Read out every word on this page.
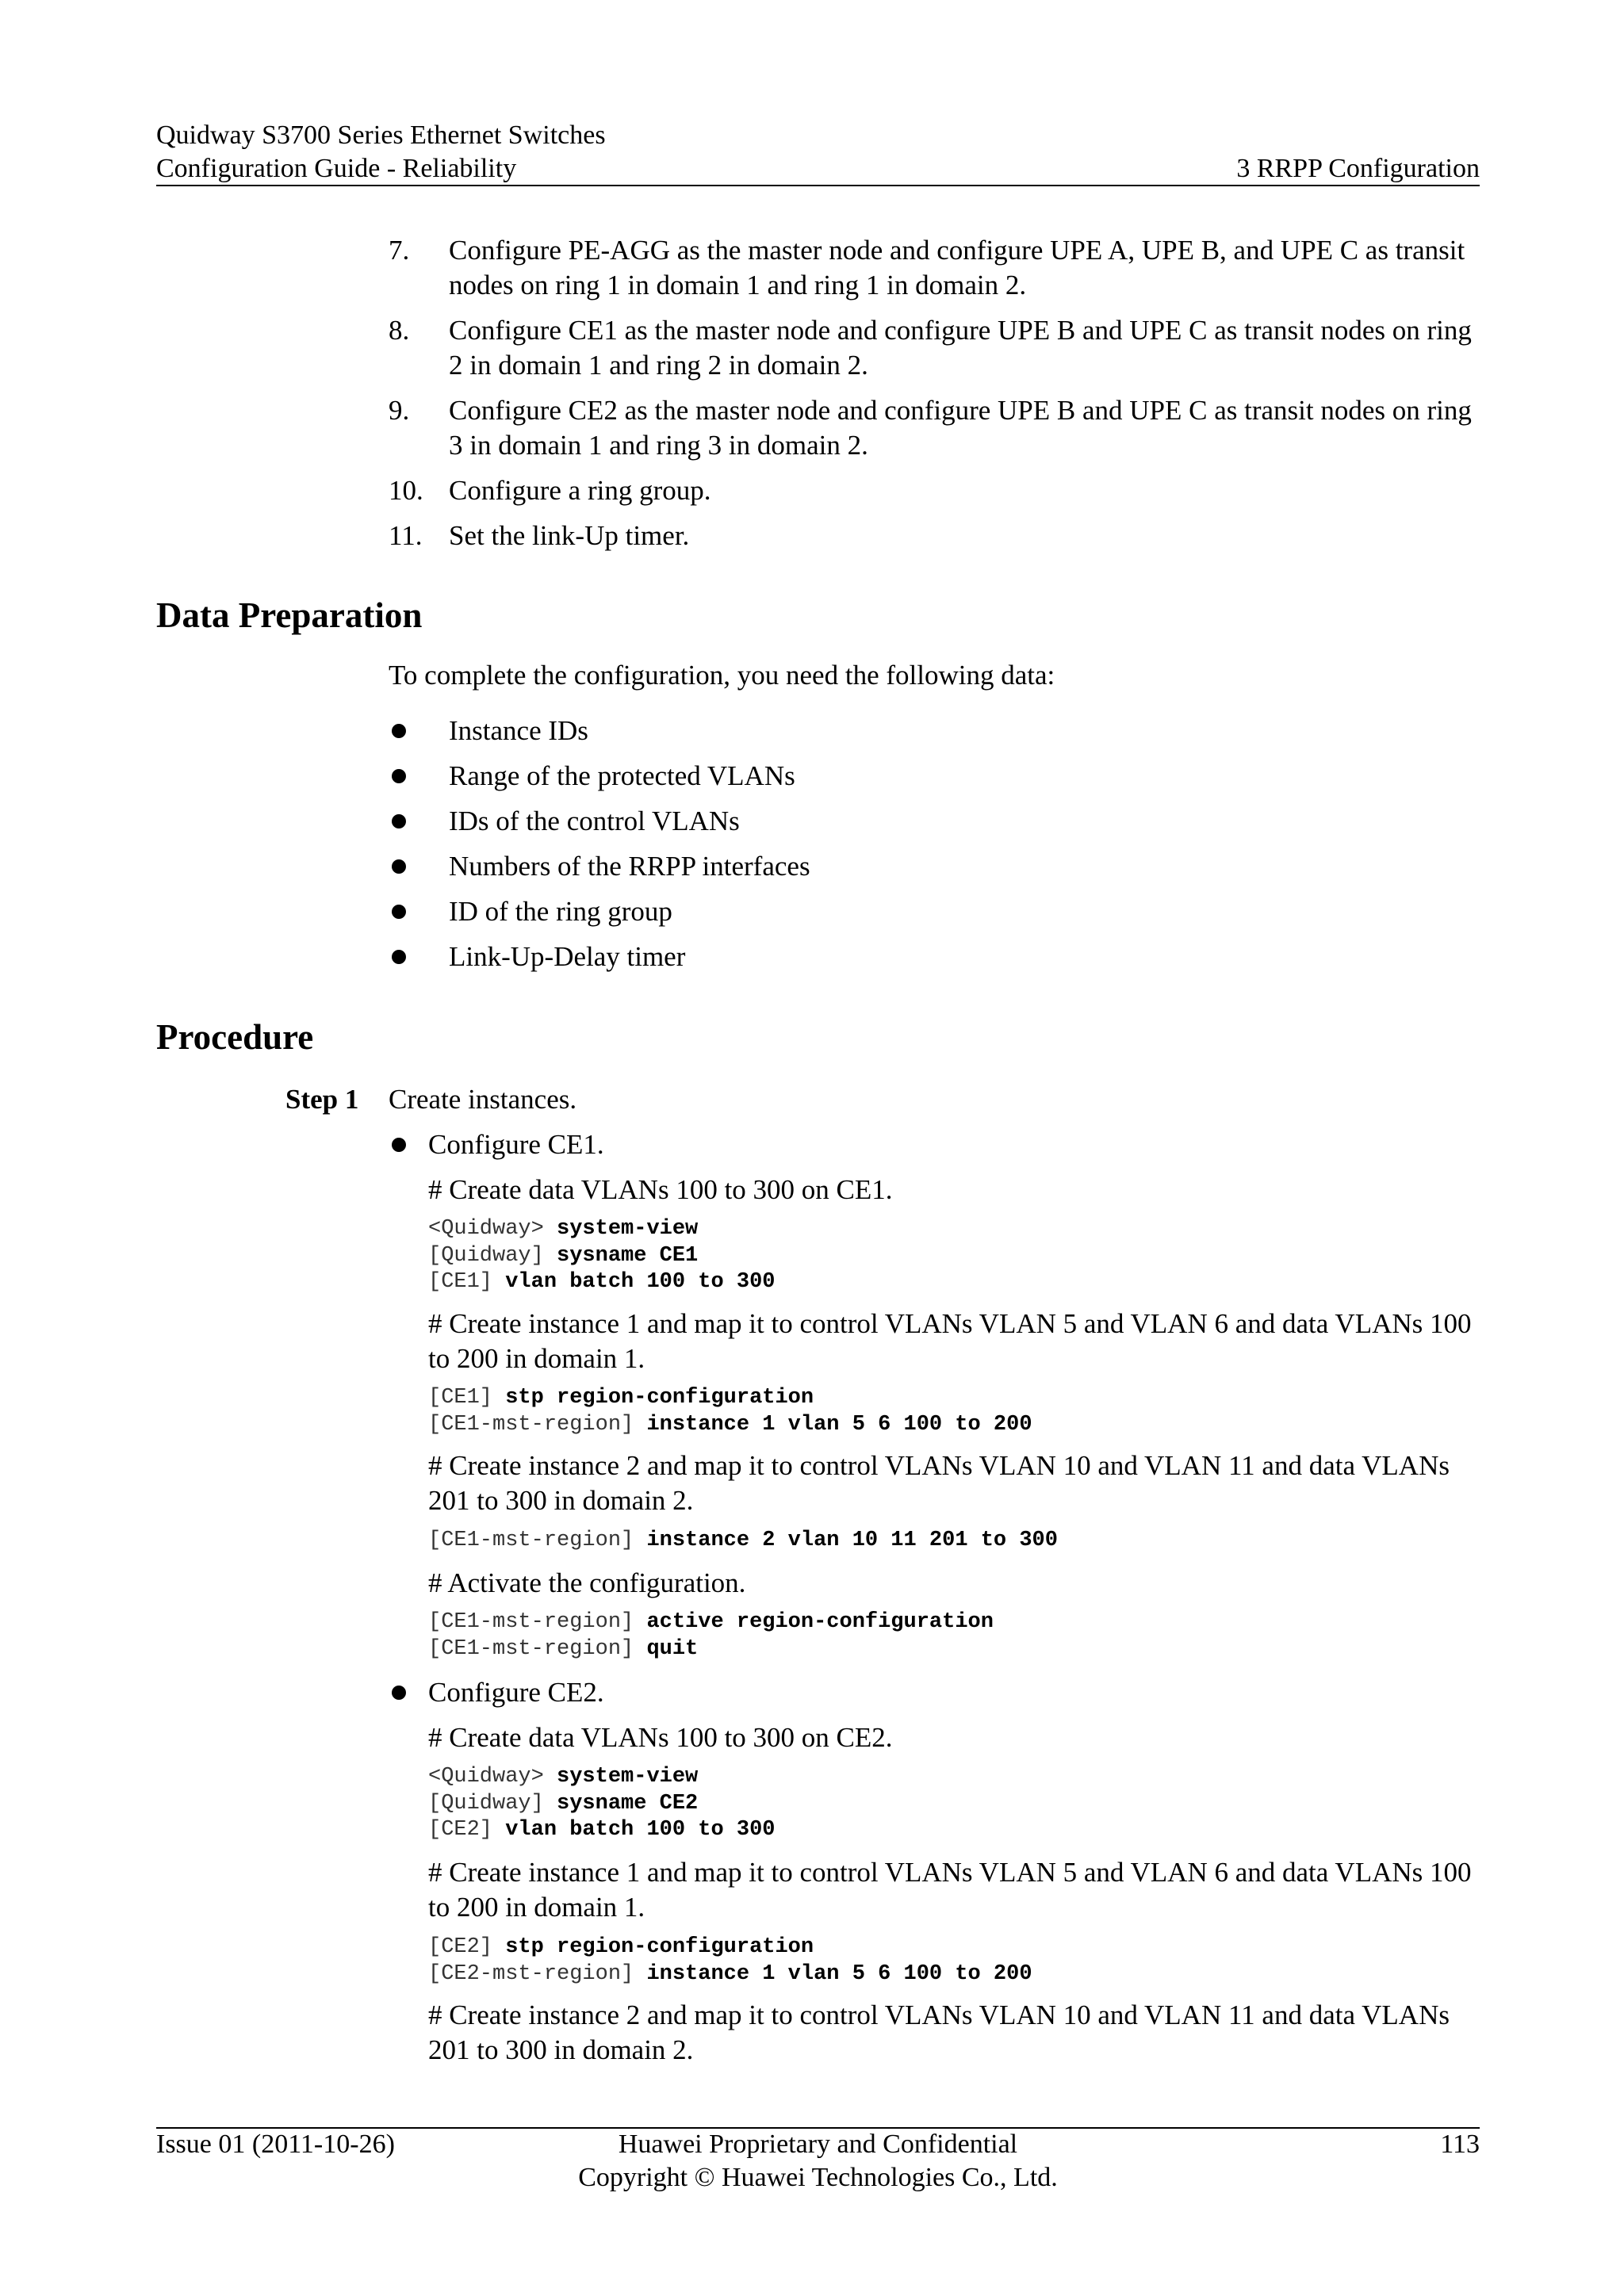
Quidway S3700 Series Ethernet Switches
Configuration Guide - Reliability	3 RRPP Configuration
7. Configure PE-AGG as the master node and configure UPE A, UPE B, and UPE C as transit nodes on ring 1 in domain 1 and ring 1 in domain 2.
8. Configure CE1 as the master node and configure UPE B and UPE C as transit nodes on ring 2 in domain 1 and ring 2 in domain 2.
9. Configure CE2 as the master node and configure UPE B and UPE C as transit nodes on ring 3 in domain 1 and ring 3 in domain 2.
10. Configure a ring group.
11. Set the link-Up timer.
Data Preparation
To complete the configuration, you need the following data:
Instance IDs
Range of the protected VLANs
IDs of the control VLANs
Numbers of the RRPP interfaces
ID of the ring group
Link-Up-Delay timer
Procedure
Step 1 Create instances.
Configure CE1.
# Create data VLANs 100 to 300 on CE1.
<Quidway> system-view
[Quidway] sysname CE1
[CE1] vlan batch 100 to 300
# Create instance 1 and map it to control VLANs VLAN 5 and VLAN 6 and data VLANs 100 to 200 in domain 1.
[CE1] stp region-configuration
[CE1-mst-region] instance 1 vlan 5 6 100 to 200
# Create instance 2 and map it to control VLANs VLAN 10 and VLAN 11 and data VLANs 201 to 300 in domain 2.
[CE1-mst-region] instance 2 vlan 10 11 201 to 300
# Activate the configuration.
[CE1-mst-region] active region-configuration
[CE1-mst-region] quit
Configure CE2.
# Create data VLANs 100 to 300 on CE2.
<Quidway> system-view
[Quidway] sysname CE2
[CE2] vlan batch 100 to 300
# Create instance 1 and map it to control VLANs VLAN 5 and VLAN 6 and data VLANs 100 to 200 in domain 1.
[CE2] stp region-configuration
[CE2-mst-region] instance 1 vlan 5 6 100 to 200
# Create instance 2 and map it to control VLANs VLAN 10 and VLAN 11 and data VLANs 201 to 300 in domain 2.
Issue 01 (2011-10-26)	Huawei Proprietary and Confidential
Copyright © Huawei Technologies Co., Ltd.
113
